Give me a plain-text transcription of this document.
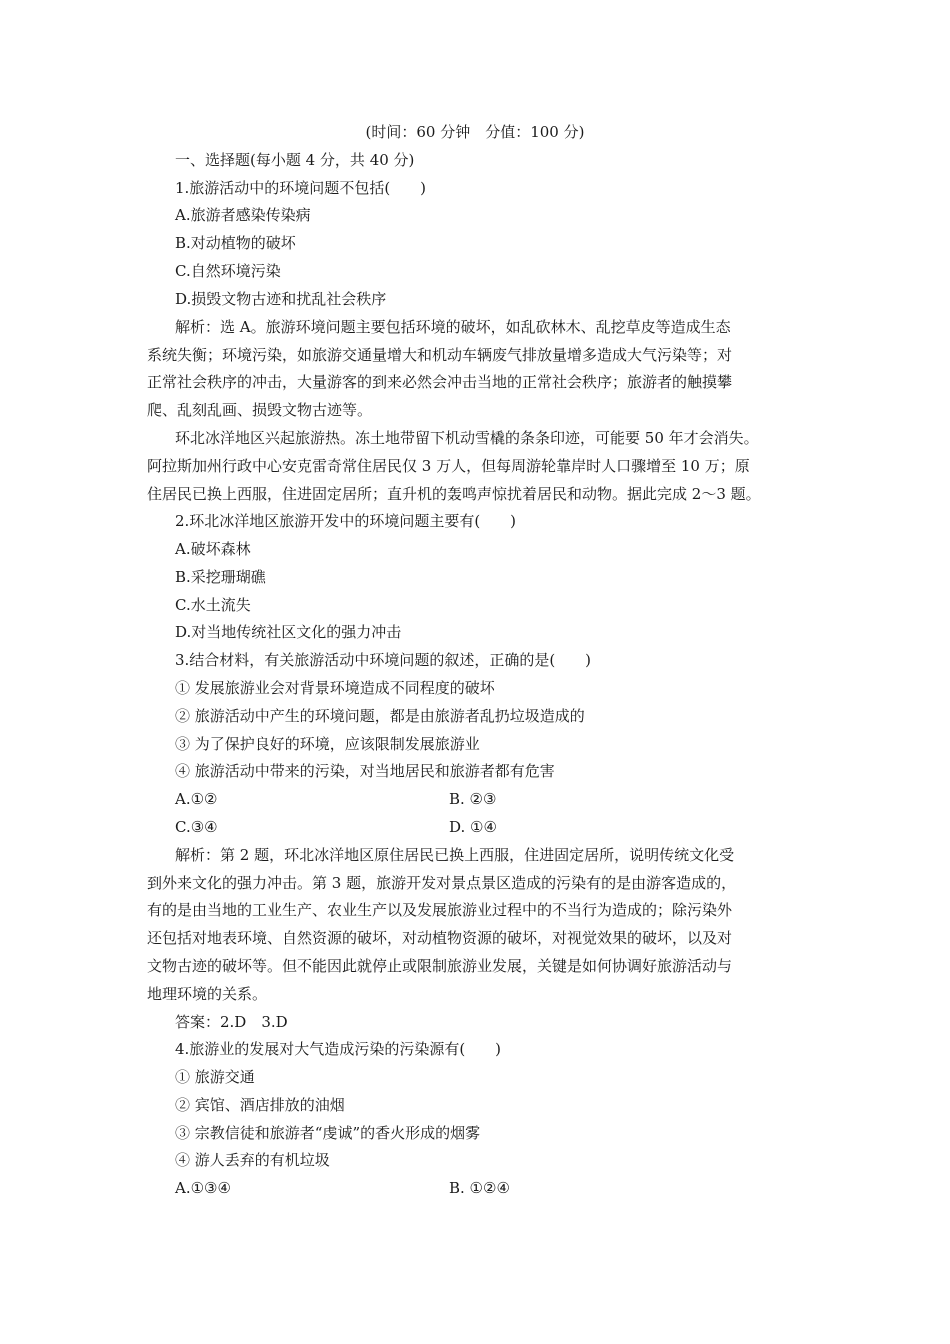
(时间：60 分钟　分值：100 分)
一、选择题(每小题 4 分，共 40 分)
1.旅游活动中的环境问题不包括(　　)
A.旅游者感染传染病
B.对动植物的破坏
C.自然环境污染
D.损毁文物古迹和扰乱社会秩序
解析：选 A。旅游环境问题主要包括环境的破坏，如乱砍林木、乱挖草皮等造成生态
系统失衡；环境污染，如旅游交通量增大和机动车辆废气排放量增多造成大气污染等；对
正常社会秩序的冲击，大量游客的到来必然会冲击当地的正常社会秩序；旅游者的触摸攀
爬、乱刻乱画、损毁文物古迹等。
环北冰洋地区兴起旅游热。冻土地带留下机动雪橇的条条印迹，可能要 50 年才会消失。
阿拉斯加州行政中心安克雷奇常住居民仅 3 万人，但每周游轮靠岸时人口骤增至 10 万；原
住居民已换上西服，住进固定居所；直升机的轰鸣声惊扰着居民和动物。据此完成 2～3 题。
2.环北冰洋地区旅游开发中的环境问题主要有(　　)
A.破坏森林
B.采挖珊瑚礁
C.水土流失
D.对当地传统社区文化的强力冲击
3.结合材料，有关旅游活动中环境问题的叙述，正确的是(　　)
① 发展旅游业会对背景环境造成不同程度的破坏
② 旅游活动中产生的环境问题，都是由旅游者乱扔垃圾造成的
③ 为了保护良好的环境，应该限制发展旅游业
④ 旅游活动中带来的污染，对当地居民和旅游者都有危害
A.①②	B. ②③
C.③④	D. ①④
解析：第 2 题，环北冰洋地区原住居民已换上西服，住进固定居所，说明传统文化受
到外来文化的强力冲击。第 3 题，旅游开发对景点景区造成的污染有的是由游客造成的，
有的是由当地的工业生产、农业生产以及发展旅游业过程中的不当行为造成的；除污染外
还包括对地表环境、自然资源的破坏，对动植物资源的破坏，对视觉效果的破坏，以及对
文物古迹的破坏等。但不能因此就停止或限制旅游业发展，关键是如何协调好旅游活动与
地理环境的关系。
答案：2.D　3.D
4.旅游业的发展对大气造成污染的污染源有(　　)
① 旅游交通
② 宾馆、酒店排放的油烟
③ 宗教信徒和旅游者“虔诚”的香火形成的烟雾
④ 游人丢弃的有机垃圾
A.①③④	B. ①②④
